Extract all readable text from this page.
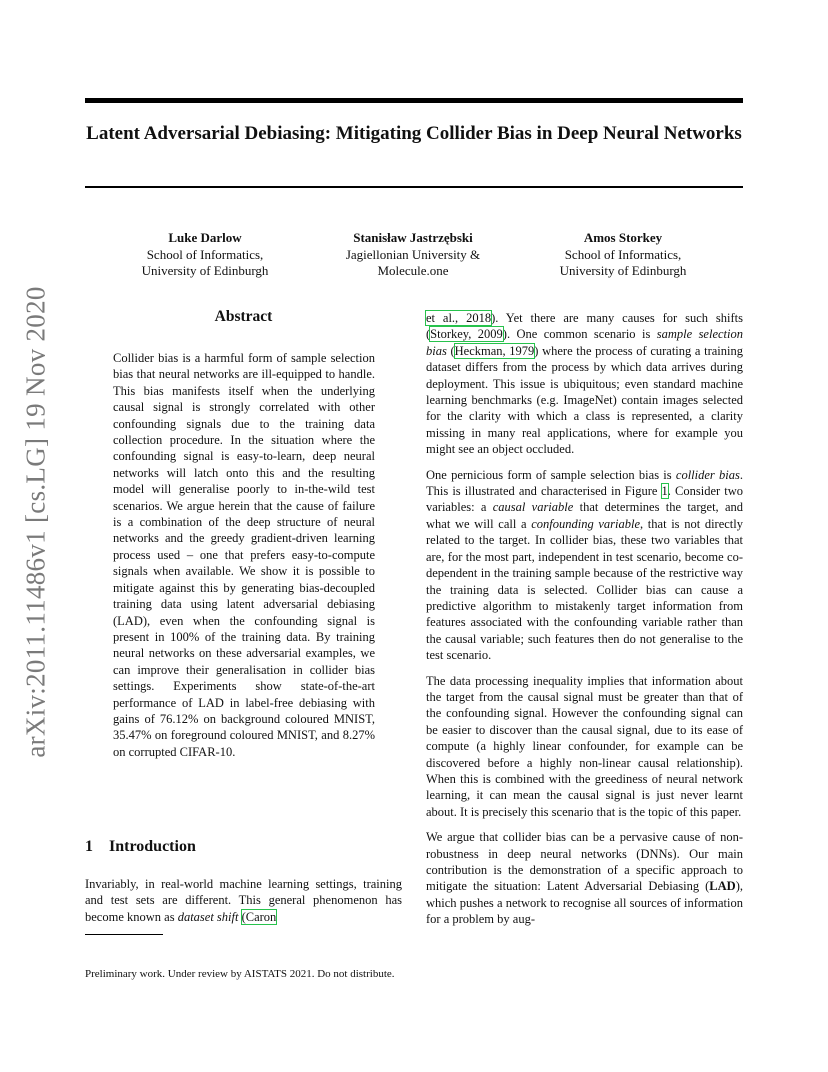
Latent Adversarial Debiasing: Mitigating Collider Bias in Deep Neural Networks
Luke Darlow
School of Informatics,
University of Edinburgh
Stanisław Jastrzębski
Jagiellonian University &
Molecule.one
Amos Storkey
School of Informatics,
University of Edinburgh
arXiv:2011.11486v1 [cs.LG] 19 Nov 2020	Abstract

Collider bias is a harmful form of sample selection bias that neural networks are ill-equipped to handle. This bias manifests itself when the underlying causal signal is strongly correlated with other confounding signals due to the training data collection procedure. In the situation where the confounding signal is easy-to-learn, deep neural networks will latch onto this and the resulting model will generalise poorly to in-the-wild test scenarios. We argue herein that the cause of failure is a combination of the deep structure of neural networks and the greedy gradient-driven learning process used – one that prefers easy-to-compute signals when available. We show it is possible to mitigate against this by generating bias-decoupled training data using latent adversarial debiasing (LAD), even when the confounding signal is present in 100% of the training data. By training neural networks on these adversarial examples, we can improve their generalisation in collider bias settings. Experiments show state-of-the-art performance of LAD in label-free debiasing with gains of 76.12% on background coloured MNIST, 35.47% on foreground coloured MNIST, and 8.27% on corrupted CIFAR-10.

1 Introduction

Invariably, in real-world machine learning settings, training and test sets are different. This general phenomenon has become known as dataset shift (Caron

Preliminary work. Under review by AISTATS 2021. Do not distribute.

et al., 2018). Yet there are many causes for such shifts (Storkey, 2009). One common scenario is sample selection bias (Heckman, 1979) where the process of curating a training dataset differs from the process by which data arrives during deployment. This issue is ubiquitous; even standard machine learning benchmarks (e.g. ImageNet) contain images selected for the clarity with which a class is represented, a clarity missing in many real applications, where for example you might see an object occluded.

One pernicious form of sample selection bias is collider bias. This is illustrated and characterised in Figure 1. Consider two variables: a causal variable that determines the target, and what we will call a confounding variable, that is not directly related to the target. In collider bias, these two variables that are, for the most part, independent in test scenario, become co-dependent in the training sample because of the restrictive way the training data is selected. Collider bias can cause a predictive algorithm to mistakenly target information from features associated with the confounding variable rather than the causal variable; such features then do not generalise to the test scenario.

The data processing inequality implies that information about the target from the causal signal must be greater than that of the confounding signal. However the confounding signal can be easier to discover than the causal signal, due to its ease of compute (a highly linear confounder, for example can be discovered before a highly non-linear causal relationship). When this is combined with the greediness of neural network learning, it can mean the causal signal is just never learnt about. It is precisely this scenario that is the topic of this paper.

We argue that collider bias can be a pervasive cause of non-robustness in deep neural networks (DNNs). Our main contribution is the demonstration of a specific approach to mitigate the situation: Latent Adversarial Debiasing (LAD), which pushes a network to recognise all sources of information for a problem by aug-
